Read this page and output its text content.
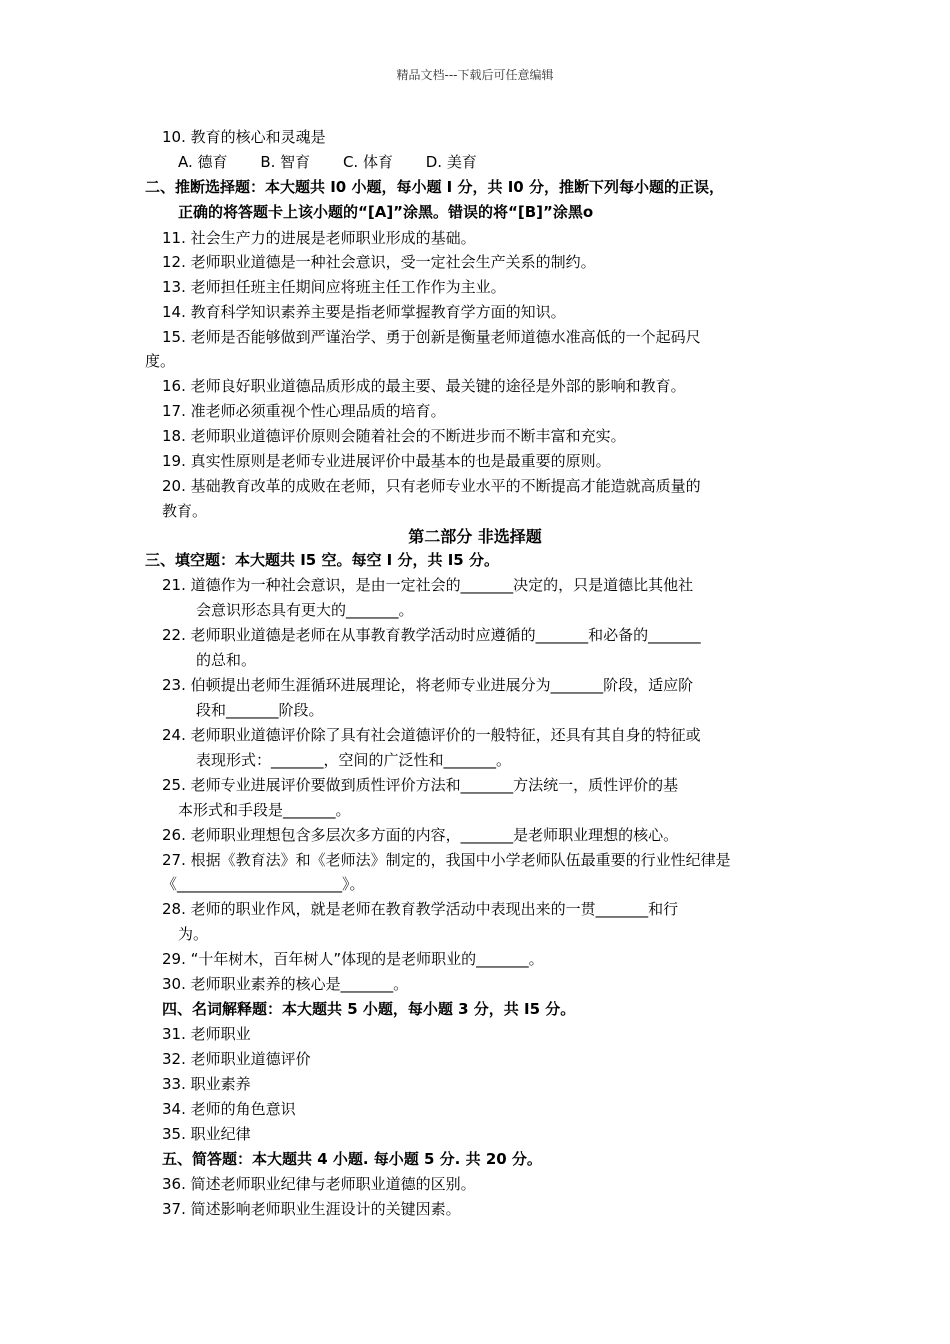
精品文档---下载后可任意编辑
10. 教育的核心和灵魂是
A. 德育 B. 智育 C. 体育 D. 美育
二、推断选择题：本大题共 I0 小题，每小题 I 分，共 I0 分，推断下列每小题的正误，
正确的将答题卡上该小题的“[A]”涂黑。错误的将“[B]”涂黑o
11. 社会生产力的进展是老师职业形成的基础。
12. 老师职业道德是一种社会意识，受一定社会生产关系的制约。
13. 老师担任班主任期间应将班主任工作作为主业。
14. 教育科学知识素养主要是指老师掌握教育学方面的知识。
15. 老师是否能够做到严谨治学、勇于创新是衡量老师道德水准高低的一个起码尺
度。
16. 老师良好职业道德品质形成的最主要、最关键的途径是外部的影响和教育。
17. 准老师必须重视个性心理品质的培育。
18. 老师职业道德评价原则会随着社会的不断进步而不断丰富和充实。
19. 真实性原则是老师专业进展评价中最基本的也是最重要的原则。
20. 基础教育改革的成败在老师，只有老师专业水平的不断提高才能造就高质量的
教育。
第二部分 非选择题
三、填空题：本大题共 I5 空。每空 I 分，共 I5 分。
21. 道德作为一种社会意识，是由一定社会的_______决定的，只是道德比其他社
会意识形态具有更大的_______。
22. 老师职业道德是老师在从事教育教学活动时应遵循的_______和必备的_______
的总和。
23. 伯顿提出老师生涯循环进展理论，将老师专业进展分为_______阶段，适应阶
段和_______阶段。
24. 老师职业道德评价除了具有社会道德评价的一般特征，还具有其自身的特征或
表现形式：_______，空间的广泛性和_______。
25. 老师专业进展评价要做到质性评价方法和_______方法统一，质性评价的基
本形式和手段是_______。
26. 老师职业理想包含多层次多方面的内容，_______是老师职业理想的核心。
27. 根据《教育法》和《老师法》制定的，我国中小学老师队伍最重要的行业性纪律是
《______________________》。
28. 老师的职业作风，就是老师在教育教学活动中表现出来的一贯_______和行
为。
29. “十年树木，百年树人”体现的是老师职业的_______。
30. 老师职业素养的核心是_______。
四、名词解释题：本大题共 5 小题，每小题 3 分，共 I5 分。
31. 老师职业
32. 老师职业道德评价
33. 职业素养
34. 老师的角色意识
35. 职业纪律
五、简答题：本大题共 4 小题. 每小题 5 分. 共 20 分。
36. 简述老师职业纪律与老师职业道德的区别。
37. 简述影响老师职业生涯设计的关键因素。
